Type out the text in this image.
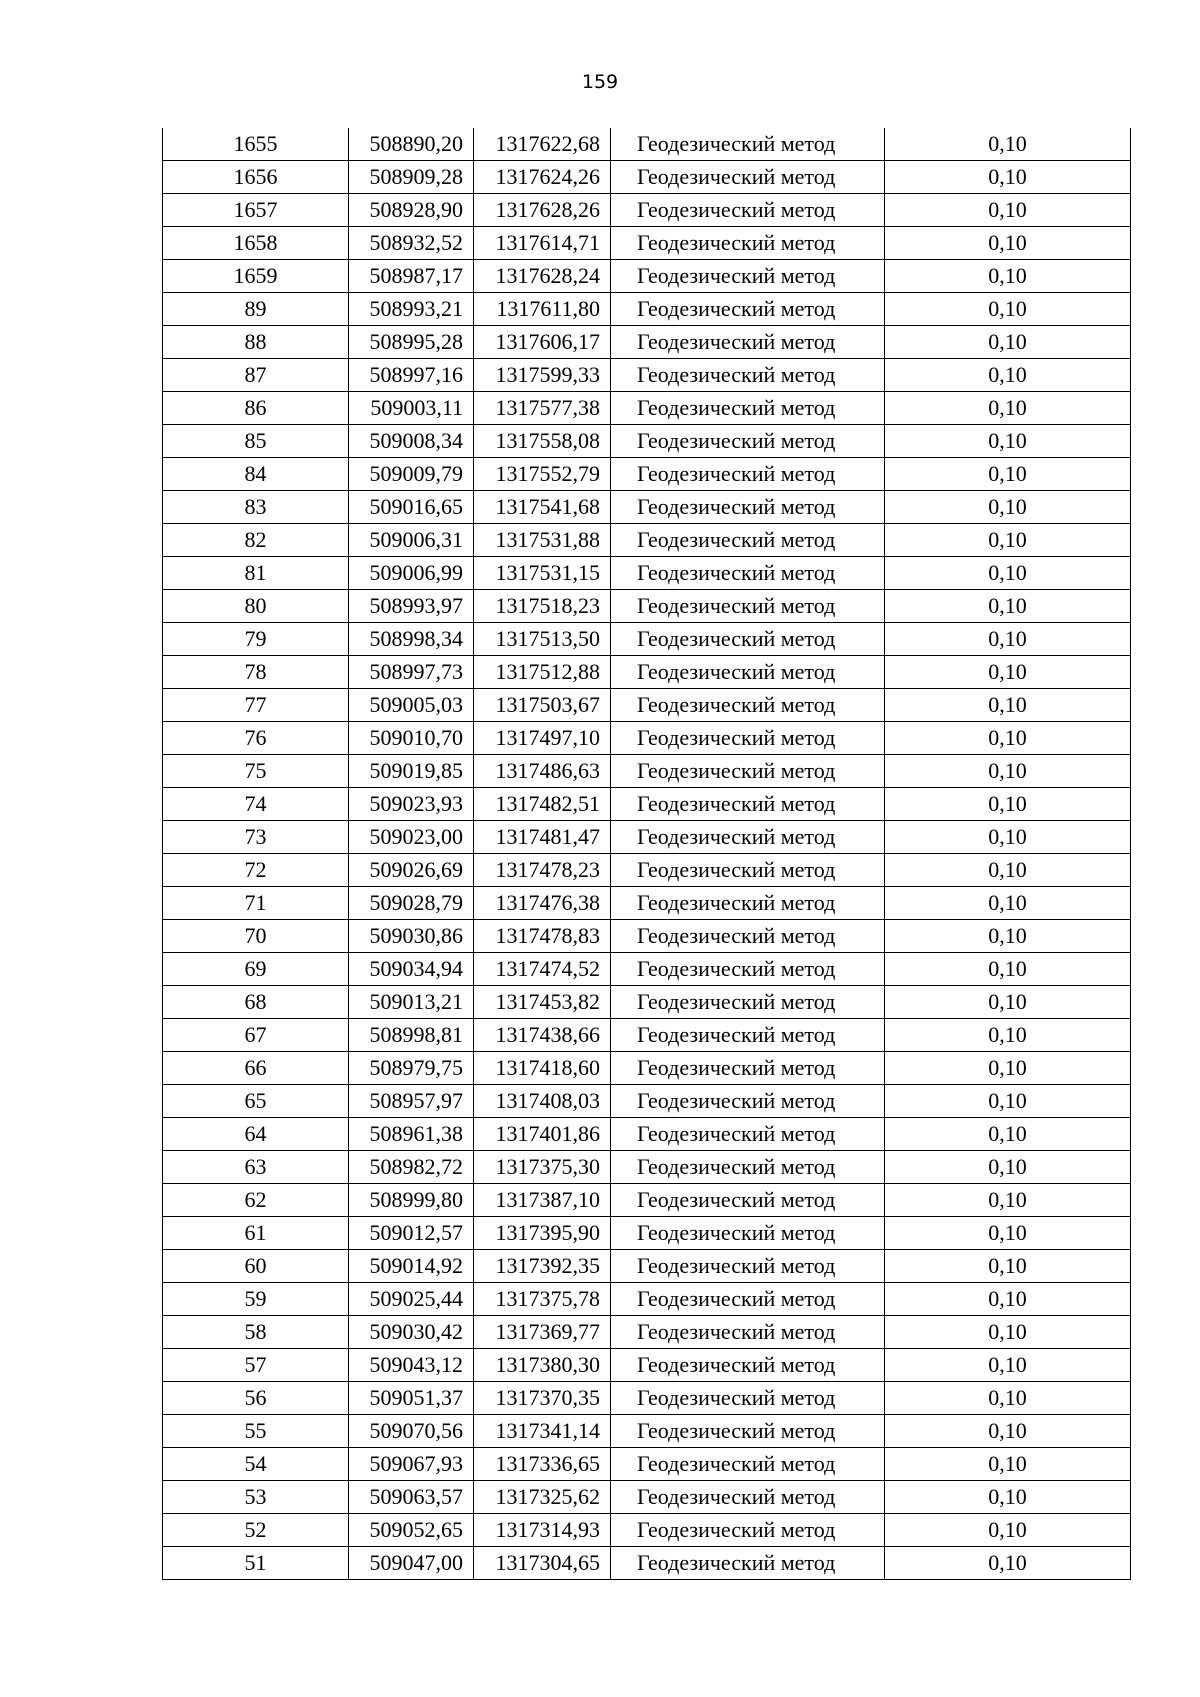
159
1655	508890,20	1317622,68	Геодезический метод	0,10
1656	508909,28	1317624,26	Геодезический метод	0,10
1657	508928,90	1317628,26	Геодезический метод	0,10
1658	508932,52	1317614,71	Геодезический метод	0,10
1659	508987,17	1317628,24	Геодезический метод	0,10
89	508993,21	1317611,80	Геодезический метод	0,10
88	508995,28	1317606,17	Геодезический метод	0,10
87	508997,16	1317599,33	Геодезический метод	0,10
86	509003,11	1317577,38	Геодезический метод	0,10
85	509008,34	1317558,08	Геодезический метод	0,10
84	509009,79	1317552,79	Геодезический метод	0,10
83	509016,65	1317541,68	Геодезический метод	0,10
82	509006,31	1317531,88	Геодезический метод	0,10
81	509006,99	1317531,15	Геодезический метод	0,10
80	508993,97	1317518,23	Геодезический метод	0,10
79	508998,34	1317513,50	Геодезический метод	0,10
78	508997,73	1317512,88	Геодезический метод	0,10
77	509005,03	1317503,67	Геодезический метод	0,10
76	509010,70	1317497,10	Геодезический метод	0,10
75	509019,85	1317486,63	Геодезический метод	0,10
74	509023,93	1317482,51	Геодезический метод	0,10
73	509023,00	1317481,47	Геодезический метод	0,10
72	509026,69	1317478,23	Геодезический метод	0,10
71	509028,79	1317476,38	Геодезический метод	0,10
70	509030,86	1317478,83	Геодезический метод	0,10
69	509034,94	1317474,52	Геодезический метод	0,10
68	509013,21	1317453,82	Геодезический метод	0,10
67	508998,81	1317438,66	Геодезический метод	0,10
66	508979,75	1317418,60	Геодезический метод	0,10
65	508957,97	1317408,03	Геодезический метод	0,10
64	508961,38	1317401,86	Геодезический метод	0,10
63	508982,72	1317375,30	Геодезический метод	0,10
62	508999,80	1317387,10	Геодезический метод	0,10
61	509012,57	1317395,90	Геодезический метод	0,10
60	509014,92	1317392,35	Геодезический метод	0,10
59	509025,44	1317375,78	Геодезический метод	0,10
58	509030,42	1317369,77	Геодезический метод	0,10
57	509043,12	1317380,30	Геодезический метод	0,10
56	509051,37	1317370,35	Геодезический метод	0,10
55	509070,56	1317341,14	Геодезический метод	0,10
54	509067,93	1317336,65	Геодезический метод	0,10
53	509063,57	1317325,62	Геодезический метод	0,10
52	509052,65	1317314,93	Геодезический метод	0,10
51	509047,00	1317304,65	Геодезический метод	0,10
